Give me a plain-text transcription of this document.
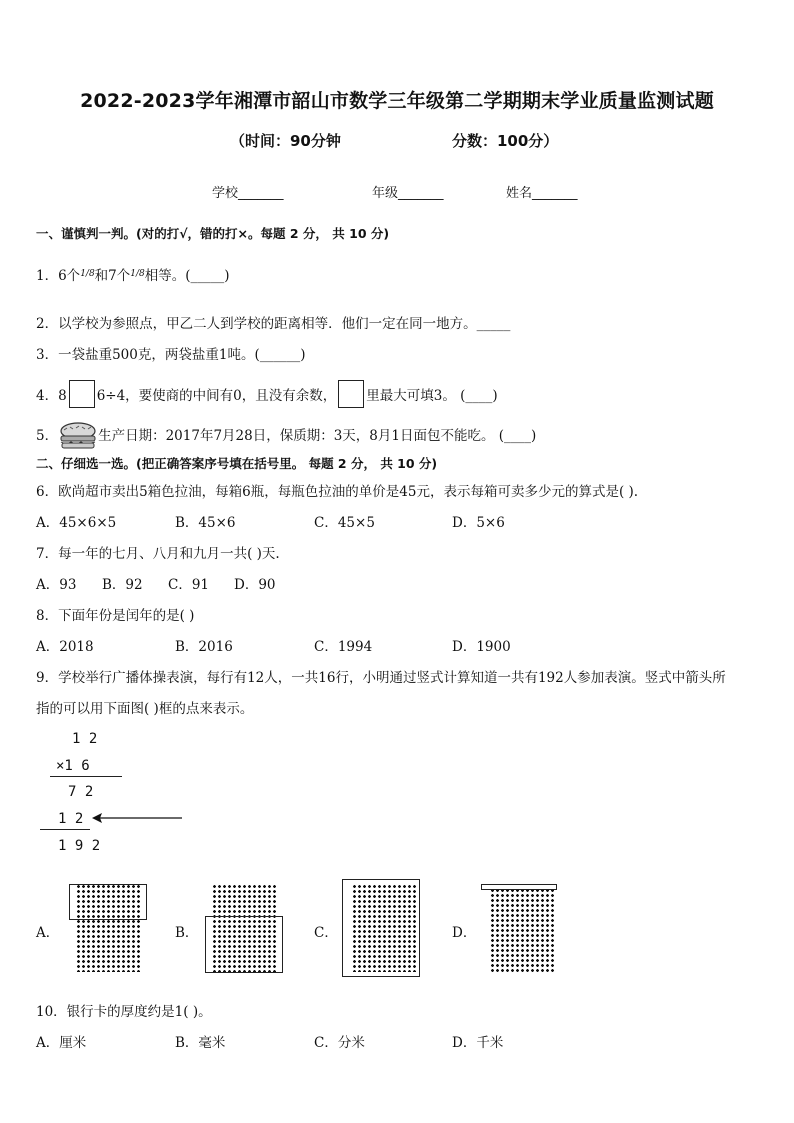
2022-2023学年湘潭市韶山市数学三年级第二学期期末学业质量监测试题
（时间：90分钟	分数：100分）
学校_______	年级_______	姓名_______
一、谨慎判一判。(对的打√，错的打×。每题 2 分， 共 10 分)
1．6个$^{1/8}$和7个$^{1/8}$相等。(_____)
2．以学校为参照点，甲乙二人到学校的距离相等．他们一定在同一地方。_____
3．一袋盐重500克，两袋盐重1吨。(______)
4．8 6÷4，要使商的中间有0，且没有余数， 里最大可填3。 (____)
5．	生产日期：2017年7月28日，保质期：3天，8月1日面包不能吃。 (____)
二、仔细选一选。(把正确答案序号填在括号里。 每题 2 分， 共 10 分)
6．欧尚超市卖出5箱色拉油，每箱6瓶，每瓶色拉油的单价是45元，表示每箱可卖多少元的算式是( ).
A．45×6×5	B．45×6	C．45×5	D．5×6
7．每一年的七月、八月和九月一共( )天.
A．93 B．92 C．91 D．90
8．下面年份是闰年的是( )
A．2018	B．2016	C．1994	D．1900
9．学校举行广播体操表演，每行有12人，一共16行，小明通过竖式计算知道一共有192人参加表演。竖式中箭头所
指的可以用下面图( )框的点来表示。
1 2
×1 6
7 2
1 2
1 9 2
A．	B．	C．	D．
10．银行卡的厚度约是1( )。
A．厘米	B．毫米	C．分米	D．千米
